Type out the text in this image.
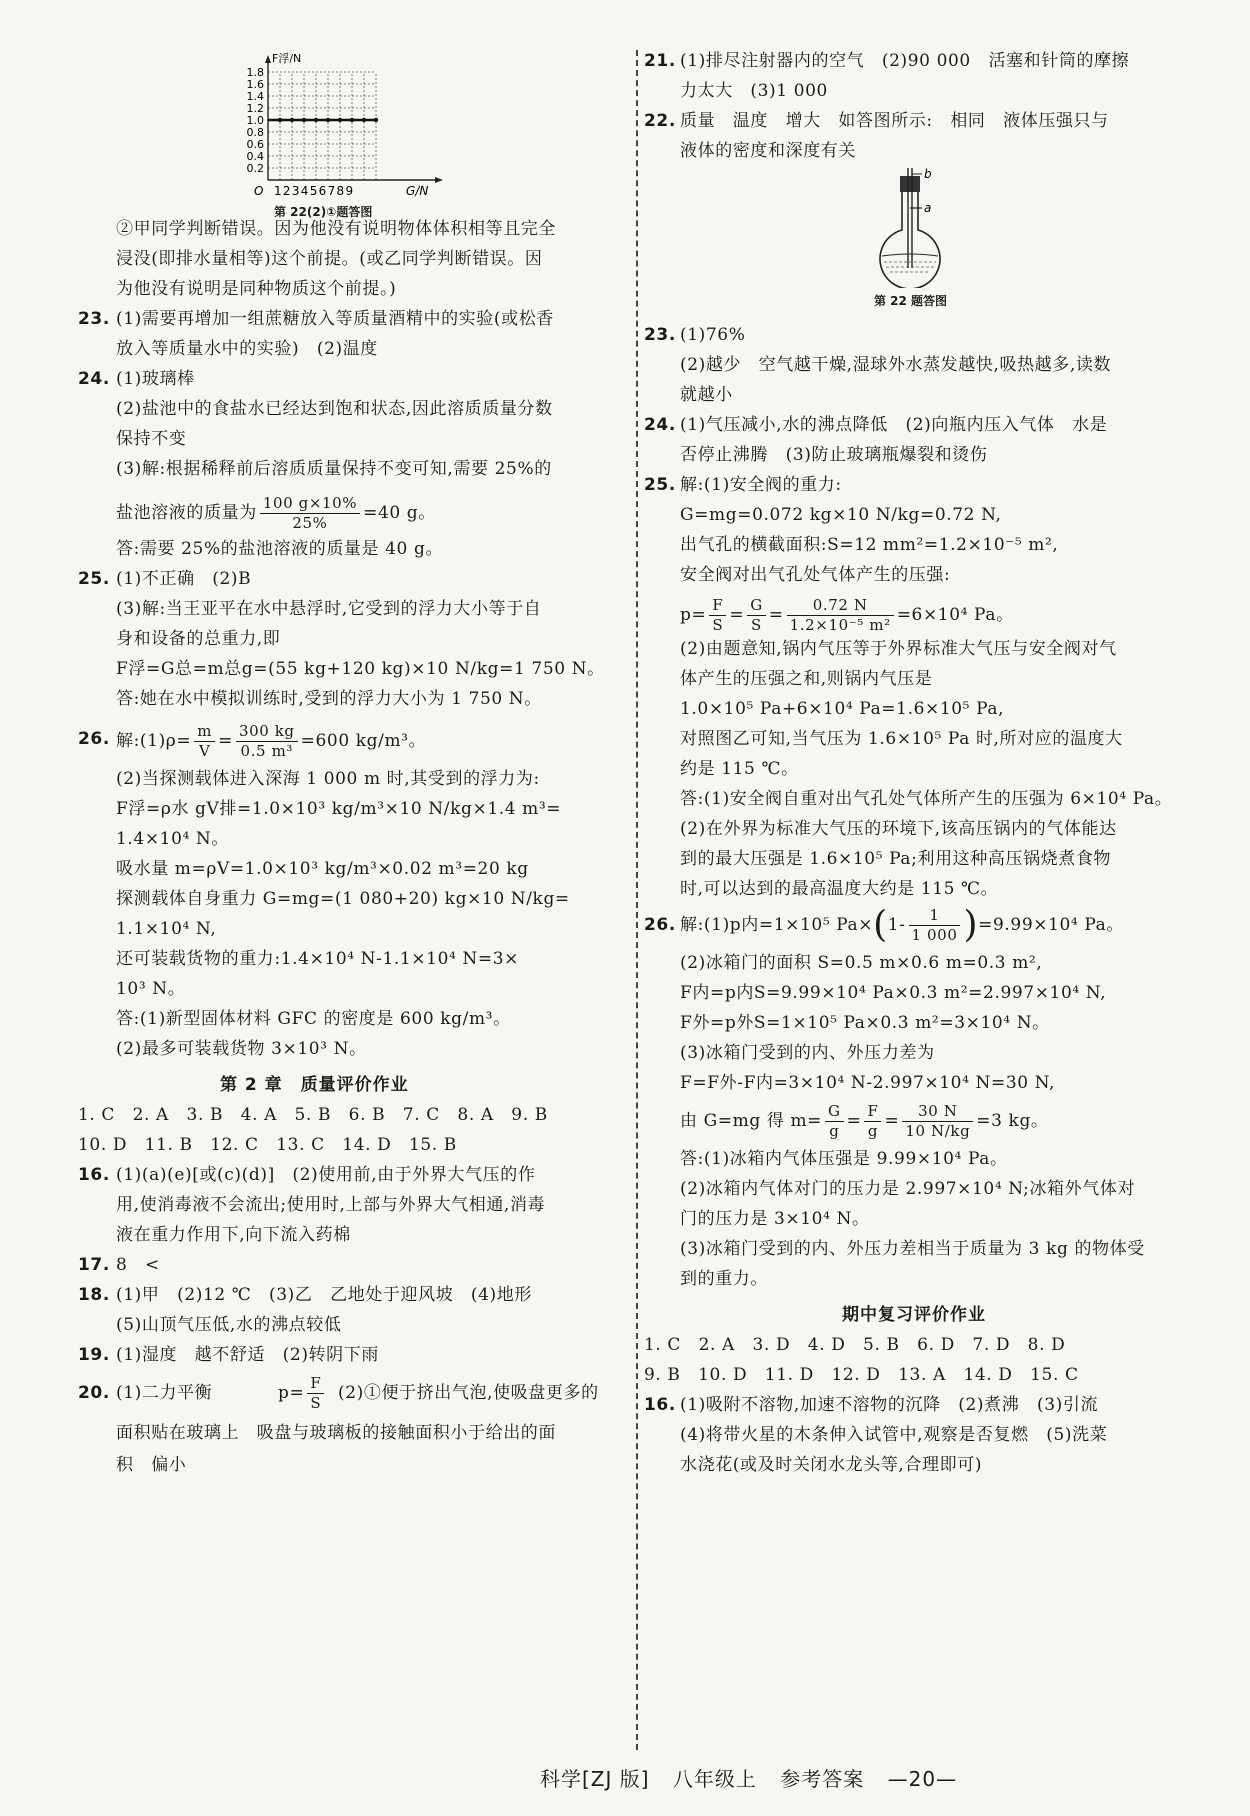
F浮/N
1.8
1.6
1.4
1.2
1.0
0.8
0.6
0.4
0.2
O 123456789	G/N
第 22(2)①题答图
②甲同学判断错误。因为他没有说明物体体积相等且完全
浸没(即排水量相等)这个前提。(或乙同学判断错误。因
为他没有说明是同种物质这个前提。)
23. (1)需要再增加一组蔗糖放入等质量酒精中的实验(或松香
放入等质量水中的实验)　(2)温度
24. (1)玻璃棒
(2)盐池中的食盐水已经达到饱和状态,因此溶质质量分数
保持不变
(3)解:根据稀释前后溶质质量保持不变可知,需要 25%的
盐池溶液的质量为 $\frac{100 g\times 10\%}{25\%} =40$ g。
答:需要 25%的盐池溶液的质量是 40 g。
25. (1)不正确　(2)B
(3)解:当王亚平在水中悬浮时,它受到的浮力大小等于自
身和设备的总重力,即
F浮=G总=m总g=(55 kg+120 kg)×10 N/kg=1 750 N。
答:她在水中模拟训练时,受到的浮力大小为 1 750 N。
26. 解:(1)ρ= $\frac{m}{V} = \frac{300 kg}{\text{0.5 m³}} =600$ kg/m³。
(2)当探测载体进入深海 1 000 m 时,其受到的浮力为:
F浮=ρ水 gV排=1.0×10³ kg/m³×10 N/kg×1.4 m³=
1.4×10⁴ N。
吸水量 m=ρV=1.0×10³ kg/m³×0.02 m³=20 kg
探测载体自身重力 G=mg=(1 080+20) kg×10 N/kg=
1.1×10⁴ N,
还可装载货物的重力:1.4×10⁴ N-1.1×10⁴ N=3×
10³ N。
答:(1)新型固体材料 GFC 的密度是 600 kg/m³。
(2)最多可装载货物 3×10³ N。
第 2 章　质量评价作业
1. C　2. A　3. B　4. A　5. B　6. B　7. C　8. A　9. B
10. D　11. B　12. C　13. C　14. D　15. B
16. (1)(a)(e)[或(c)(d)]　(2)使用前,由于外界大气压的作
用,使消毒液不会流出;使用时,上部与外界大气相通,消毒
液在重力作用下,向下流入药棉
17. 8　<
18. (1)甲　(2)12 ℃　(3)乙　乙地处于迎风坡　(4)地形
(5)山顶气压低,水的沸点较低
19. (1)湿度　越不舒适　(2)转阴下雨
20. (1)二力平衡	$p= \frac{F}{S}$ (2)①便于挤出气泡,使吸盘更多的
面积贴在玻璃上　吸盘与玻璃板的接触面积小于给出的面
积　偏小
21. (1)排尽注射器内的空气　(2)90 000　活塞和针筒的摩擦
力太大　(3)1 000
22. 质量　温度　增大　如答图所示:　相同　液体压强只与
液体的密度和深度有关
b
a
第 22 题答图
23. (1)76%
(2)越少　空气越干燥,湿球外水蒸发越快,吸热越多,读数
就越小
24. (1)气压减小,水的沸点降低　(2)向瓶内压入气体　水是
否停止沸腾　(3)防止玻璃瓶爆裂和烫伤
25. 解:(1)安全阀的重力:
G=mg=0.072 kg×10 N/kg=0.72 N,
出气孔的横截面积:S=12 mm²=1.2×10⁻⁵ m²,
安全阀对出气孔处气体产生的压强:
$p= \frac{F}{S} = \frac{G}{S} = \frac{0.72 N}{\text{1.2×10⁻⁵ m²}} =6\times 10^4$ Pa。
(2)由题意知,锅内气压等于外界标准大气压与安全阀对气
体产生的压强之和,则锅内气压是
1.0×10⁵ Pa+6×10⁴ Pa=1.6×10⁵ Pa,
对照图乙可知,当气压为 1.6×10⁵ Pa 时,所对应的温度大
约是 115 ℃。
答:(1)安全阀自重对出气孔处气体所产生的压强为 6×10⁴ Pa。
(2)在外界为标准大气压的环境下,该高压锅内的气体能达
到的最大压强是 1.6×10⁵ Pa;利用这种高压锅烧煮食物
时,可以达到的最高温度大约是 115 ℃。
26. 解:(1)p内=1×10⁵ $Pa\times(1- \frac{1}{1 000} )=9.99\times 10^4$ Pa。
(2)冰箱门的面积 S=0.5 m×0.6 m=0.3 m²,
F内=p内S=9.99×10⁴ Pa×0.3 m²=2.997×10⁴ N,
F外=p外S=1×10⁵ Pa×0.3 m²=3×10⁴ N。
(3)冰箱门受到的内、外压力差为
F=F外-F内=3×10⁴ N-2.997×10⁴ N=30 N,
由 G=mg 得 $m= \frac{G}{g} = \frac{F}{g} = \frac{30 N}{10 N/kg} =3$ kg。
答:(1)冰箱内气体压强是 9.99×10⁴ Pa。
(2)冰箱内气体对门的压力是 2.997×10⁴ N;冰箱外气体对
门的压力是 3×10⁴ N。
(3)冰箱门受到的内、外压力差相当于质量为 3 kg 的物体受
到的重力。
期中复习评价作业
1. C　2. A　3. D　4. D　5. B　6. D　7. D　8. D
9. B　10. D　11. D　12. D　13. A　14. D　15. C
16. (1)吸附不溶物,加速不溶物的沉降　(2)煮沸　(3)引流
(4)将带火星的木条伸入试管中,观察是否复燃　(5)洗菜
水浇花(或及时关闭水龙头等,合理即可)
科学[ZJ 版] 八年级上 参考答案 —20—
